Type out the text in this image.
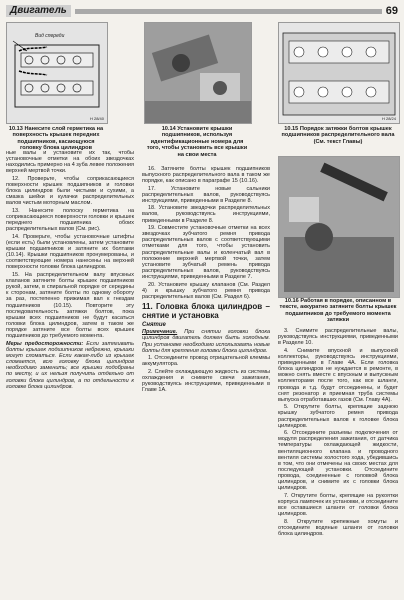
Двигатель	69
Вид спереди
H 28/40
10.13 Нанесите слой герметика на поверхность крышек передних подшипников, касающуюся головку блока цилиндров
10.14 Установите крышки подшипников, используя идентификационные номера для того, чтобы установить все крышки на свои места
H 28/24
10.15 Порядок затяжки болтов крышек подшипников распределительного вала (См. текст Главы)
10.16 Работая в порядке, описанном в тексте, аккуратно затяните болты крышек подшипников до требуемого момента затяжки

ные валы и установите их так, чтобы установочные отметки на обоих звездочках находились примерно на 4 зуба левее положения верхней мертвой точки.

12. Проверьте, чтобы соприкасающиеся поверхности крышек подшипников и головки блока цилиндров были чистыми и сухими, а смазка шейки и кулачки распределительных валов чистым моторным маслом.

13. Нанесите полоску герметика на соприкасающиеся поверхности головки и крышек переднего подшипника обоих распределительных валов (См. рис).

14. Проверьте, чтобы установочные штифты (если есть) были установлены, затем установите крышки подшипников и затяните их болтами (10.14). Крышки подшипников пронумерованы, и соответствующие номера нанесены на верхней поверхности головки блока цилиндров.

15. На распределительном валу впускных клапанов затяните болты крышек подшипников рукой, затем, в спиральной порядке от середины к сторонам, затяните болты по одному обороту за раз, постепенно прижимая вал к гнездам подшипников (10.15). Повторите эту последовательность затяжки болтов, пока крышки всех подшипников не будут касаться головки блока цилиндров, затем в таком же порядке затяните все болты всех крышек подшипников до требуемого момента.

Меры предосторожности: Если затягивать болты крышек подшипников небрежно, крышки могут сломаться. Если какая-либо из крышек сломается, всю головку блока цилиндров необходимо заменить; все крышки подобраны по месту, и их нельзя получить отдельно от головки блока цилиндров, а по отдельности к головке блока цилиндров.

16. Затяните болты крышек подшипников выпускного распределительного вала в таком же порядке, как описано в параграфе 15 (10.16).

17. Установите новые сальники распределительных валов, руководствуясь инструкциями, приведенными в Разделе 8.

18. Установите звездочки распределительных валов, руководствуясь инструкциями, приведенными в Разделе 8.

19. Совместите установочные отметки на всех звездочках зубчатого ремня привода распределительных валов с соответствующими отметками для того, чтобы установить распределительные валы и коленчатый вал в положение верхней мертвой точки, затем установите зубчатый ремень привода распределительных валов, руководствуясь инструкциями, приведенными в Разделе 7.

20. Установите крышку клапанов (См. Раздел 4) и крышку зубчатого ремня привода распределительных валов (См. Раздел 6).

11. Головка блока цилиндров – снятие и установка
Снятие

Примечание. При снятии головки блока цилиндров двигатель должен быть холодным. При установке необходимо использовать новые болты для крепления головки блока цилиндров.

1. Отсоедините провод отрицательной клеммы аккумулятора.

2. Слейте охлаждающую жидкость из системы охлаждения и снимите свечи зажигания, руководствуясь инструкциями, приведенными в Главе 1А.

3. Снимите распределительные валы, руководствуясь инструкциями, приведенными в Разделе 10.

4. Снимите впускной и выпускной коллекторы, руководствуясь инструкциями, приведенными в Главе 4А. Если головка блока цилиндров не нуждается в ремонте, в можно снять вместе с впускным и выпускным коллекторами после того, как все шланги, провода и т.д. будут отсоединены, и будет снят резонатор и приемная труба системы выпуска отработавших газов (См. Главу 4А).

5. Открутите болты, крепящие заднюю крышку зубчатого ремня привода распределительных валов к головке блока цилиндров.

6. Отсоедините разъемы подключения от модуля распределения зажигания, от датчика температуры охлаждающей жидкости, вентиляционного клапана и проводного вентиля системы холостого хода, убедившись в том, что они отмечены на своих местах для последующей установки. Отсоедините провода, соединенные с головкой блока цилиндров, и снимите их с головки блока цилиндров.

7. Открутите болты, крепящие на рукоятки корпуса лампочек их установки, и отсоедините все оставшиеся шланги от головки блока цилиндров.

8. Открутите крепежные хомуты и отсоедините водяные шланги от головки блока цилиндров.
